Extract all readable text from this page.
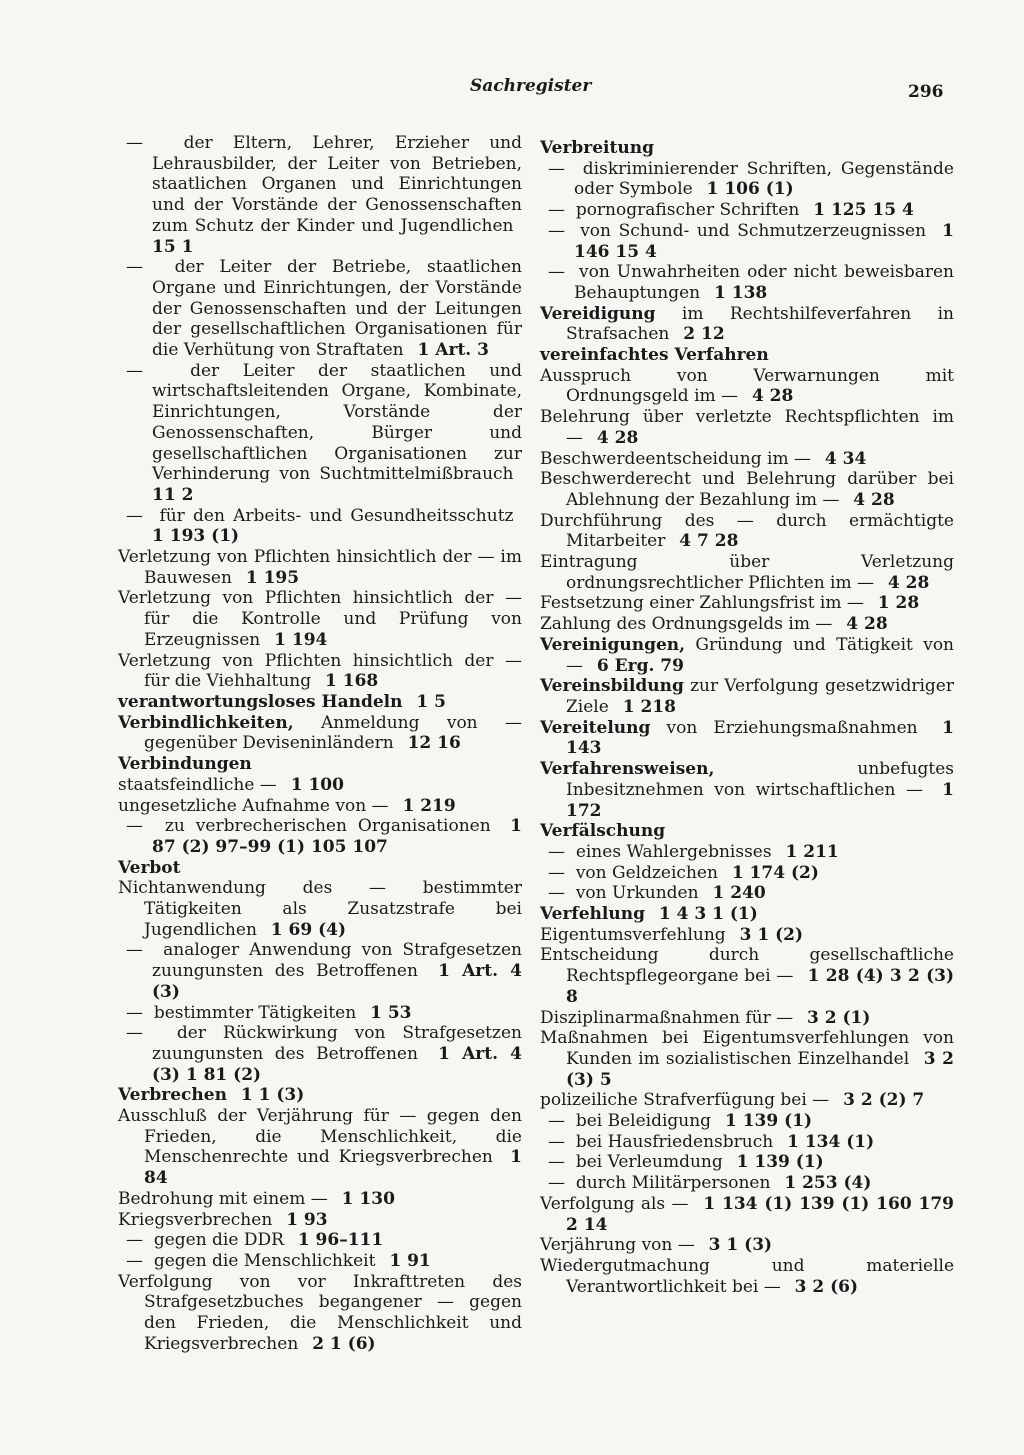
Sachregister	296
—  der Eltern, Lehrer, Erzieher und Lehrausbilder, der Leiter von Betrieben, staatlichen Organen und Einrichtungen und der Vorstände der Genossenschaften zum Schutz der Kinder und Jugendlichen  15 1
—  der Leiter der Betriebe, staatlichen Organe und Einrichtungen, der Vorstände der Genossenschaften und der Leitungen der gesellschaftlichen Organisationen für die Verhütung von Straftaten  1 Art. 3
—  der Leiter der staatlichen und wirtschaftsleitenden Organe, Kombinate, Einrichtungen, Vorstände der Genossenschaften, Bürger und gesellschaftlichen Organisationen zur Verhinderung von Suchtmittelmißbrauch  11 2
—  für den Arbeits- und Gesundheitsschutz  1 193 (1)
Verletzung von Pflichten hinsichtlich der — im Bauwesen  1 195
Verletzung von Pflichten hinsichtlich der — für die Kontrolle und Prüfung von Erzeugnissen  1 194
Verletzung von Pflichten hinsichtlich der — für die Viehhaltung  1 168
verantwortungsloses Handeln  1 5
Verbindlichkeiten, Anmeldung von — gegenüber Deviseninländern  12 16
Verbindungen
staatsfeindliche —  1 100
ungesetzliche Aufnahme von —  1 219
—  zu verbrecherischen Organisationen  1 87 (2) 97–99 (1) 105 107
Verbot
Nichtanwendung des — bestimmter Tätigkeiten als Zusatzstrafe bei Jugendlichen  1 69 (4)
—  analoger Anwendung von Strafgesetzen zuungunsten des Betroffenen  1 Art. 4 (3)
—  bestimmter Tätigkeiten  1 53
—  der Rückwirkung von Strafgesetzen zuungunsten des Betroffenen  1 Art. 4 (3) 1 81 (2)
Verbrechen  1 1 (3)
Ausschluß der Verjährung für — gegen den Frieden, die Menschlichkeit, die Menschenrechte und Kriegsverbrechen  1 84
Bedrohung mit einem —  1 130
Kriegsverbrechen  1 93
—  gegen die DDR  1 96–111
—  gegen die Menschlichkeit  1 91
Verfolgung von vor Inkrafttreten des Strafgesetzbuches begangener — gegen den Frieden, die Menschlichkeit und Kriegsverbrechen  2 1 (6)
Verbreitung
—  diskriminierender Schriften, Gegenstände oder Symbole  1 106 (1)
—  pornografischer Schriften  1 125 15 4
—  von Schund- und Schmutzerzeugnissen  1 146 15 4
—  von Unwahrheiten oder nicht beweisbaren Behauptungen  1 138
Vereidigung im Rechtshilfeverfahren in Strafsachen  2 12
vereinfachtes Verfahren
Ausspruch von Verwarnungen mit Ordnungsgeld im —  4 28
Belehrung über verletzte Rechtspflichten im —  4 28
Beschwerdeentscheidung im —  4 34
Beschwerderecht und Belehrung darüber bei Ablehnung der Bezahlung im —  4 28
Durchführung des — durch ermächtigte Mitarbeiter  4 7 28
Eintragung über Verletzung ordnungsrechtlicher Pflichten im —  4 28
Festsetzung einer Zahlungsfrist im —  1 28
Zahlung des Ordnungsgelds im —  4 28
Vereinigungen, Gründung und Tätigkeit von—  6 Erg. 79
Vereinsbildung zur Verfolgung gesetzwidriger Ziele  1 218
Vereitelung von Erziehungsmaßnahmen  1 143
Verfahrensweisen,	unbefugtes Inbesitznehmen von wirtschaftlichen —  1 172
Verfälschung
—  eines Wahlergebnisses  1 211
—  von Geldzeichen  1 174 (2)
—  von Urkunden  1 240
Verfehlung  1 4 3 1 (1)
Eigentumsverfehlung  3 1 (2)
Entscheidung durch gesellschaftliche Rechtspflegeorgane bei —  1 28 (4) 3 2 (3) 8
Disziplinarmaßnahmen für —  3 2 (1)
Maßnahmen bei Eigentumsverfehlungen von Kunden im sozialistischen Einzelhandel  3 2 (3) 5
polizeiliche Strafverfügung bei —  3 2 (2) 7
—  bei Beleidigung  1 139 (1)
—  bei Hausfriedensbruch  1 134 (1)
—  bei Verleumdung  1 139 (1)
—  durch Militärpersonen  1 253 (4)
Verfolgung als —  1 134 (1) 139 (1) 160 179 2 14
Verjährung von —  3 1 (3)
Wiedergutmachung und materielle Verantwortlichkeit bei —  3 2 (6)
